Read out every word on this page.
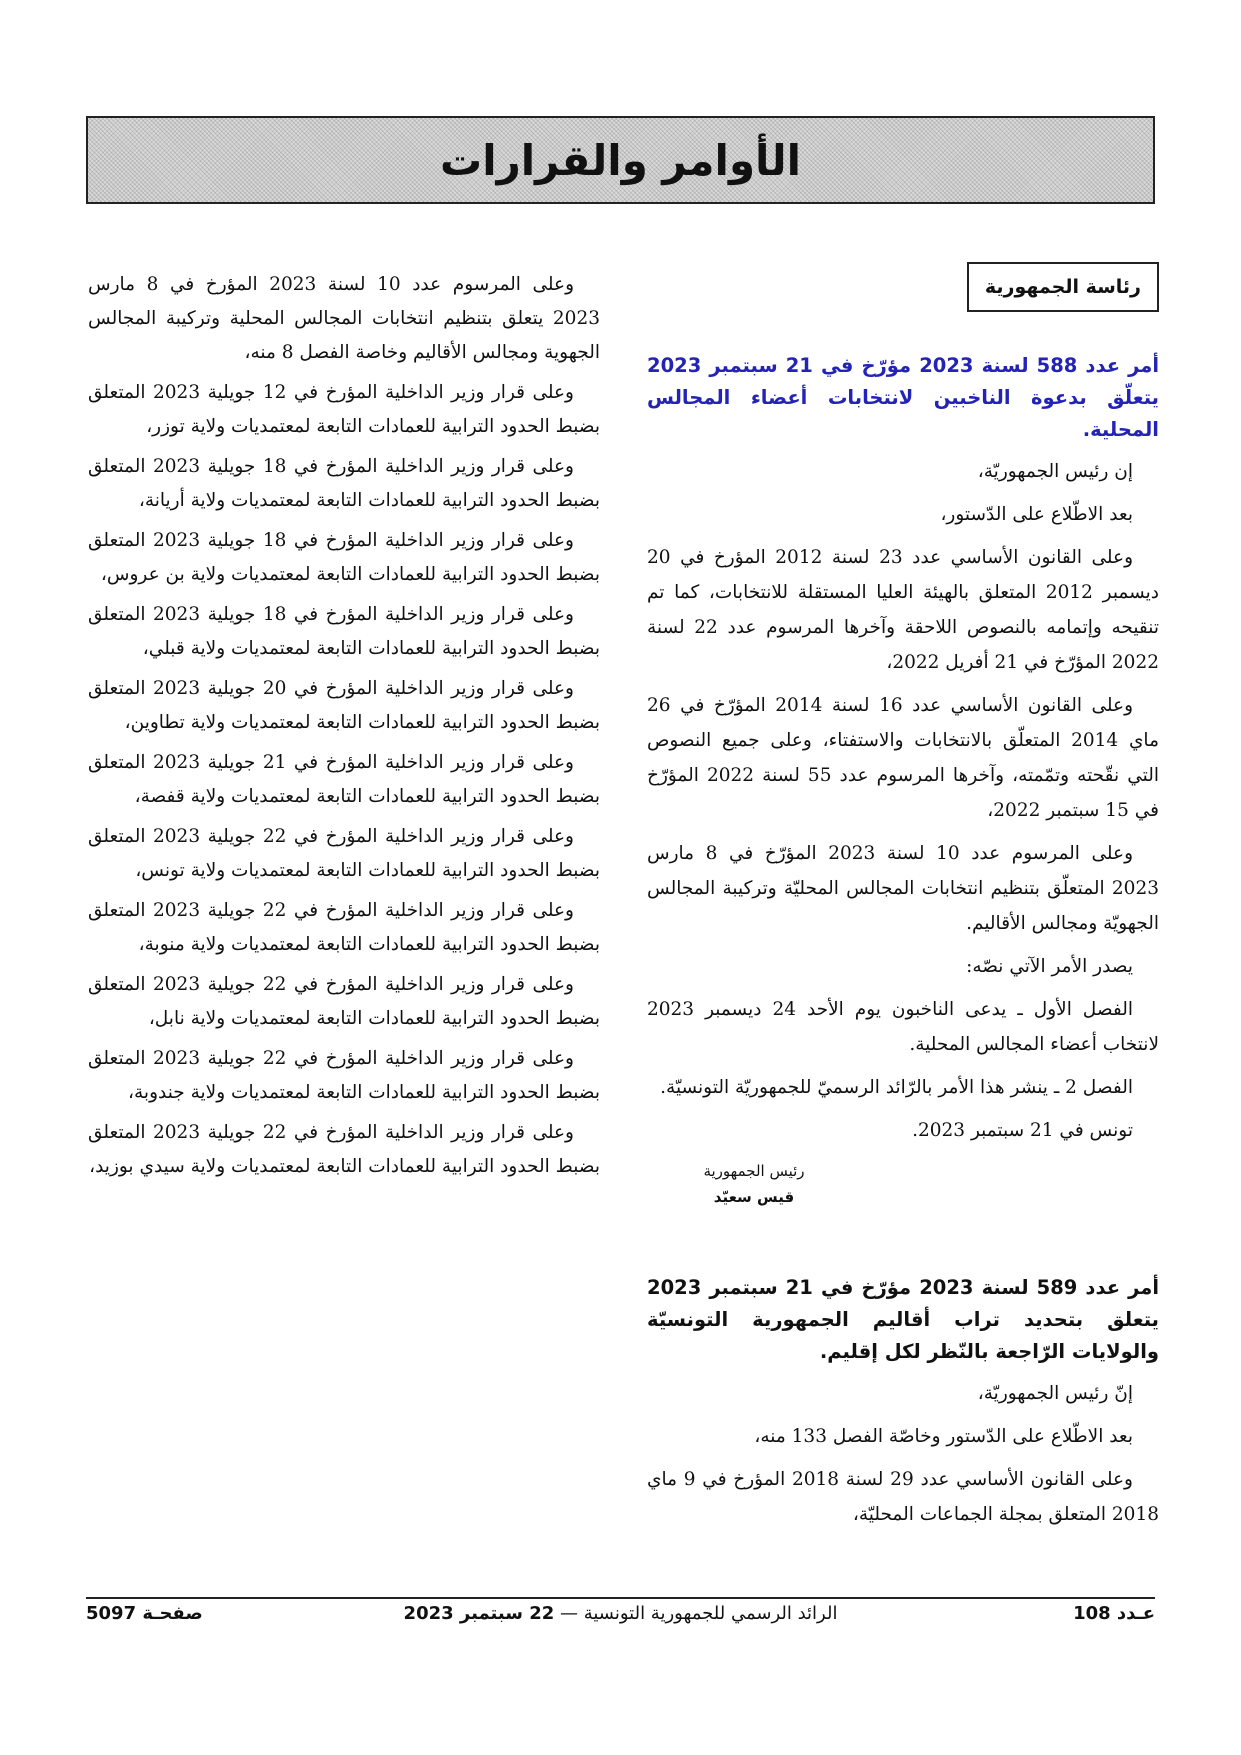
الأوامر والقرارات
رئاسة الجمهورية
أمر عدد 588 لسنة 2023 مؤرّخ في 21 سبتمبر 2023 يتعلّق بدعوة الناخبين لانتخابات أعضاء المجالس المحلية.

إن رئيس الجمهوريّة،

بعد الاطّلاع على الدّستور،

وعلى القانون الأساسي عدد 23 لسنة 2012 المؤرخ في 20 ديسمبر 2012 المتعلق بالهيئة العليا المستقلة للانتخابات، كما تم تنقيحه وإتمامه بالنصوص اللاحقة وآخرها المرسوم عدد 22 لسنة 2022 المؤرّخ في 21 أفريل 2022،

وعلى القانون الأساسي عدد 16 لسنة 2014 المؤرّخ في 26 ماي 2014 المتعلّق بالانتخابات والاستفتاء، وعلى جميع النصوص التي نقّحته وتمّمته، وآخرها المرسوم عدد 55 لسنة 2022 المؤرّخ في 15 سبتمبر 2022،

وعلى المرسوم عدد 10 لسنة 2023 المؤرّخ في 8 مارس 2023 المتعلّق بتنظيم انتخابات المجالس المحليّة وتركيبة المجالس الجهويّة ومجالس الأقاليم.

يصدر الأمر الآتي نصّه:

الفصل الأول ـ يدعى الناخبون يوم الأحد 24 ديسمبر 2023 لانتخاب أعضاء المجالس المحلية.

الفصل 2 ـ ينشر هذا الأمر بالرّائد الرسميّ للجمهوريّة التونسيّة.

تونس في 21 سبتمبر 2023.

رئيس الجمهورية
قيس سعيّد
أمر عدد 589 لسنة 2023 مؤرّخ في 21 سبتمبر 2023 يتعلق بتحديد تراب أقاليم الجمهورية التونسيّة والولايات الرّاجعة بالنّظر لكل إقليم.

إنّ رئيس الجمهوريّة،

بعد الاطّلاع على الدّستور وخاصّة الفصل 133 منه،

وعلى القانون الأساسي عدد 29 لسنة 2018 المؤرخ في 9 ماي 2018 المتعلق بمجلة الجماعات المحليّة،

وعلى المرسوم عدد 10 لسنة 2023 المؤرخ في 8 مارس 2023 يتعلق بتنظيم انتخابات المجالس المحلية وتركيبة المجالس الجهوية ومجالس الأقاليم وخاصة الفصل 8 منه،

وعلى قرار وزير الداخلية المؤرخ في 12 جويلية 2023 المتعلق بضبط الحدود الترابية للعمادات التابعة لمعتمديات ولاية توزر،

وعلى قرار وزير الداخلية المؤرخ في 18 جويلية 2023 المتعلق بضبط الحدود الترابية للعمادات التابعة لمعتمديات ولاية أريانة،

وعلى قرار وزير الداخلية المؤرخ في 18 جويلية 2023 المتعلق بضبط الحدود الترابية للعمادات التابعة لمعتمديات ولاية بن عروس،

وعلى قرار وزير الداخلية المؤرخ في 18 جويلية 2023 المتعلق بضبط الحدود الترابية للعمادات التابعة لمعتمديات ولاية قبلي،

وعلى قرار وزير الداخلية المؤرخ في 20 جويلية 2023 المتعلق بضبط الحدود الترابية للعمادات التابعة لمعتمديات ولاية تطاوين،

وعلى قرار وزير الداخلية المؤرخ في 21 جويلية 2023 المتعلق بضبط الحدود الترابية للعمادات التابعة لمعتمديات ولاية قفصة،

وعلى قرار وزير الداخلية المؤرخ في 22 جويلية 2023 المتعلق بضبط الحدود الترابية للعمادات التابعة لمعتمديات ولاية تونس،

وعلى قرار وزير الداخلية المؤرخ في 22 جويلية 2023 المتعلق بضبط الحدود الترابية للعمادات التابعة لمعتمديات ولاية منوبة،

وعلى قرار وزير الداخلية المؤرخ في 22 جويلية 2023 المتعلق بضبط الحدود الترابية للعمادات التابعة لمعتمديات ولاية نابل،

وعلى قرار وزير الداخلية المؤرخ في 22 جويلية 2023 المتعلق بضبط الحدود الترابية للعمادات التابعة لمعتمديات ولاية جندوبة،

وعلى قرار وزير الداخلية المؤرخ في 22 جويلية 2023 المتعلق بضبط الحدود الترابية للعمادات التابعة لمعتمديات ولاية سيدي بوزيد،

عـدد 108
الرائد الرسمي للجمهورية التونسية — 22 سبتمبر 2023
صفحـة 5097
